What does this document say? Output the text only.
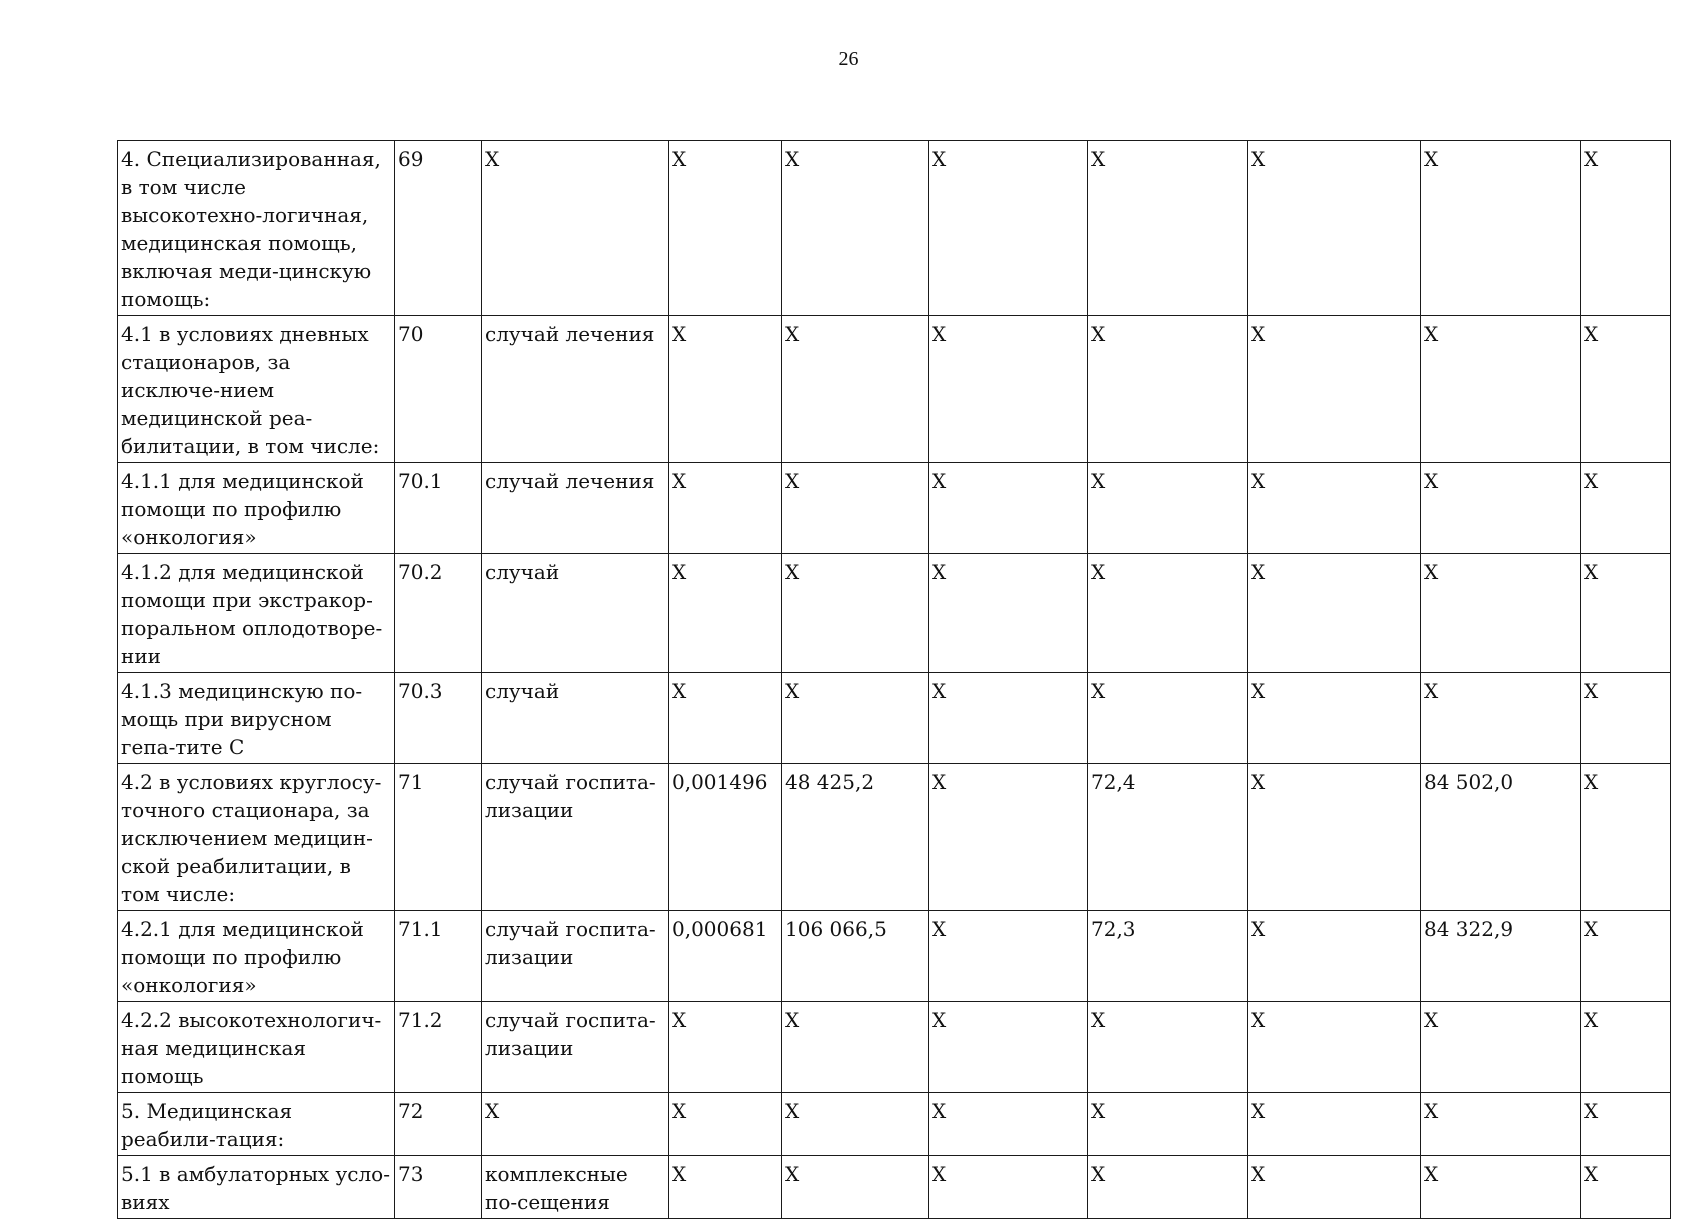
26
4. Специализированная, в том числе высокотехно-логичная, медицинская помощь, включая меди-цинскую помощь:	69	X	X	X	X	X	X	X	X
4.1 в условиях дневных стационаров, за исключе-нием медицинской реа-билитации, в том числе:	70	случай лечения	X	X	X	X	X	X	X
4.1.1 для медицинской помощи по профилю «онкология»	70.1	случай лечения	X	X	X	X	X	X	X
4.1.2 для медицинской помощи при экстракор-поральном оплодотворе-нии	70.2	случай	X	X	X	X	X	X	X
4.1.3 медицинскую по-мощь при вирусном гепа-тите С	70.3	случай	X	X	X	X	X	X	X
4.2 в условиях круглосу-точного стационара, за исключением медицин-ской реабилитации, в том числе:	71	случай госпита-лизации	0,001496	48 425,2	X	72,4	X	84 502,0	X
4.2.1 для медицинской помощи по профилю «онкология»	71.1	случай госпита-лизации	0,000681	106 066,5	X	72,3	X	84 322,9	X
4.2.2 высокотехнологич-ная медицинская помощь	71.2	случай госпита-лизации	X	X	X	X	X	X	X
5. Медицинская реабили-тация:	72	X	X	X	X	X	X	X	X
5.1 в амбулаторных усло-виях	73	комплексные по-сещения	X	X	X	X	X	X	X
